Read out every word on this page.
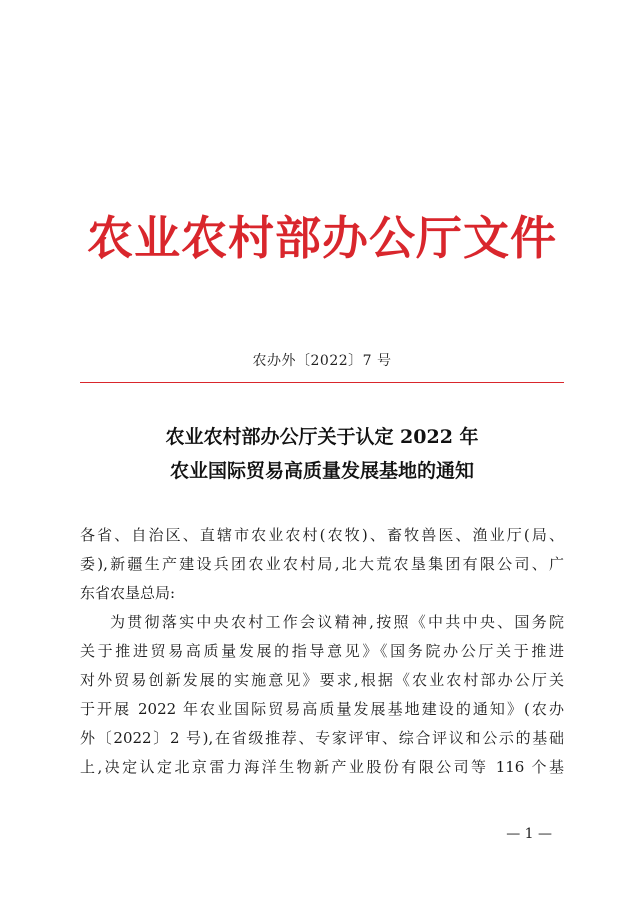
农业农村部办公厅文件
农办外〔2022〕7 号
农业农村部办公厅关于认定 2022 年
农业国际贸易高质量发展基地的通知
各省、自治区、直辖市农业农村(农牧)、畜牧兽医、渔业厅(局、
委),新疆生产建设兵团农业农村局,北大荒农垦集团有限公司、广
东省农垦总局:
为贯彻落实中央农村工作会议精神,按照《中共中央、国务院
关于推进贸易高质量发展的指导意见》《国务院办公厅关于推进
对外贸易创新发展的实施意见》要求,根据《农业农村部办公厅关
于开展 2022 年农业国际贸易高质量发展基地建设的通知》(农办
外〔2022〕2 号),在省级推荐、专家评审、综合评议和公示的基础
上,决定认定北京雷力海洋生物新产业股份有限公司等 116 个基
— 1 —
